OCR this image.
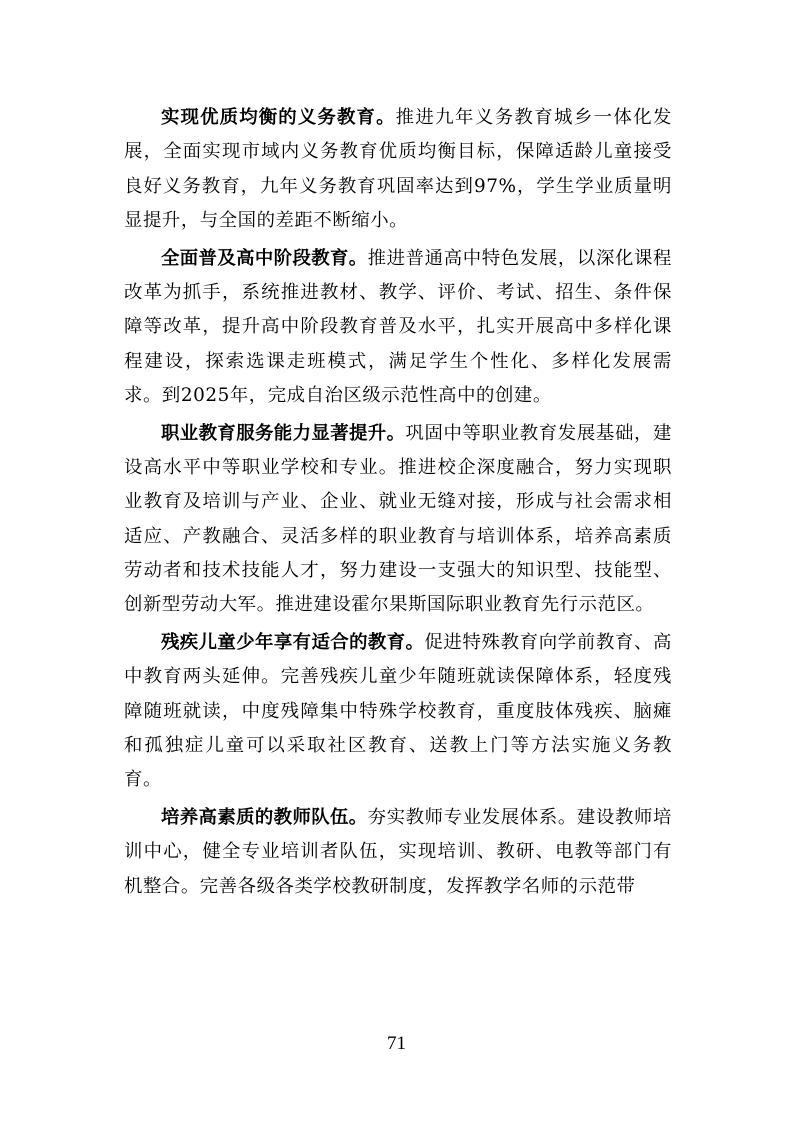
实现优质均衡的义务教育。推进九年义务教育城乡一体化发展，全面实现市域内义务教育优质均衡目标，保障适龄儿童接受良好义务教育，九年义务教育巩固率达到97%，学生学业质量明显提升，与全国的差距不断缩小。

全面普及高中阶段教育。推进普通高中特色发展，以深化课程改革为抓手，系统推进教材、教学、评价、考试、招生、条件保障等改革，提升高中阶段教育普及水平，扎实开展高中多样化课程建设，探索选课走班模式，满足学生个性化、多样化发展需求。到2025年，完成自治区级示范性高中的创建。

职业教育服务能力显著提升。巩固中等职业教育发展基础，建设高水平中等职业学校和专业。推进校企深度融合，努力实现职业教育及培训与产业、企业、就业无缝对接，形成与社会需求相适应、产教融合、灵活多样的职业教育与培训体系，培养高素质劳动者和技术技能人才，努力建设一支强大的知识型、技能型、创新型劳动大军。推进建设霍尔果斯国际职业教育先行示范区。

残疾儿童少年享有适合的教育。促进特殊教育向学前教育、高中教育两头延伸。完善残疾儿童少年随班就读保障体系，轻度残障随班就读，中度残障集中特殊学校教育，重度肢体残疾、脑瘫和孤独症儿童可以采取社区教育、送教上门等方法实施义务教育。

培养高素质的教师队伍。夯实教师专业发展体系。建设教师培训中心，健全专业培训者队伍，实现培训、教研、电教等部门有机整合。完善各级各类学校教研制度，发挥教学名师的示范带

71
